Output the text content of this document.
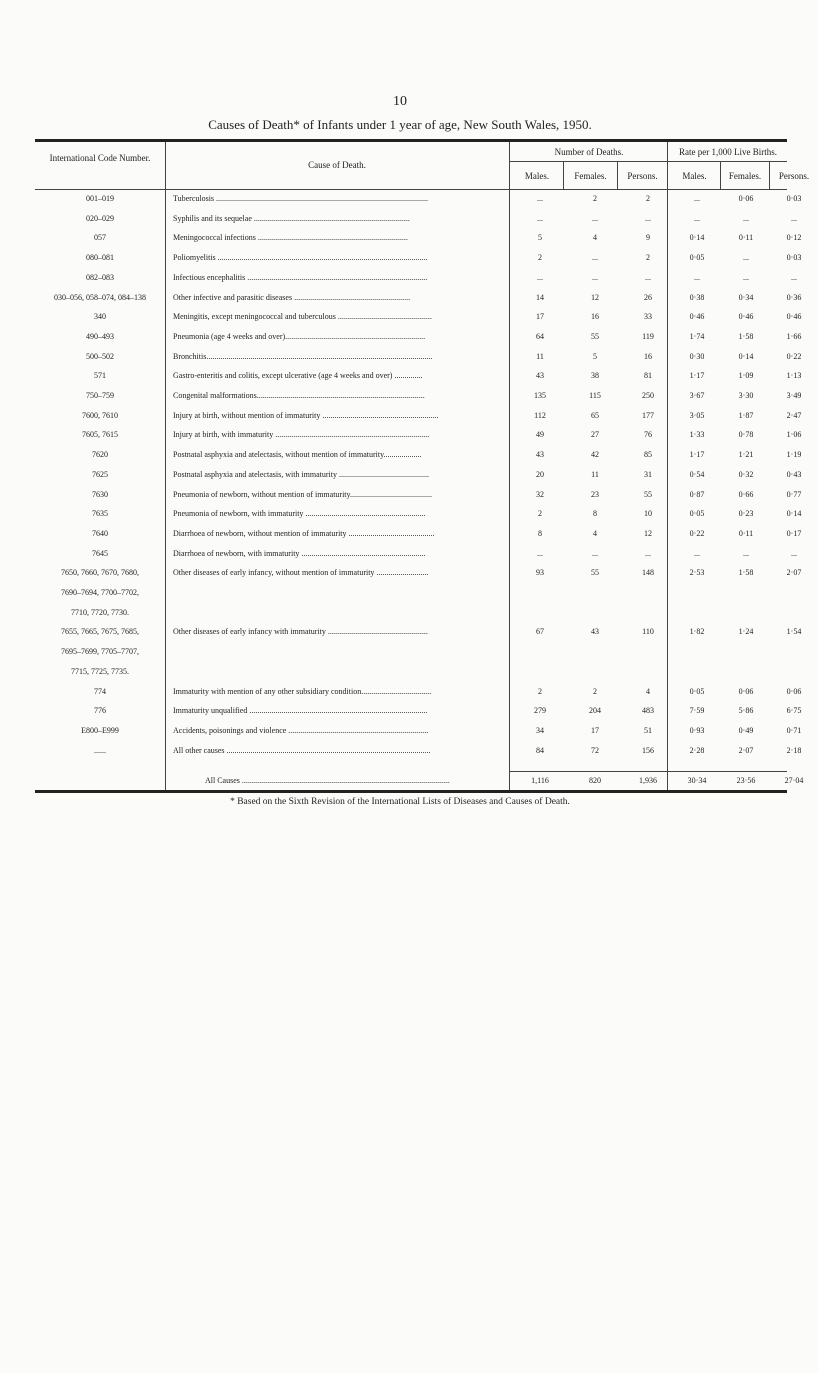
10
Causes of Death* of Infants under 1 year of age, New South Wales, 1950.
International Code Number.
Cause of Death.
Number of Deaths.	Rate per 1,000 Live Births.
Males.	Females.	Persons.	Males.	Females.	Persons.
001–019	Tuberculosis ..........................................................................................................	...	2	2	...	0·06	0·03
020–029	Syphilis and its sequelae ..............................................................................	...	...	...	...	...	...
057	Meningococcal infections ...........................................................................	5	4	9	0·14	0·11	0·12
080–081	Poliomyelitis .........................................................................................................	2	...	2	0·05	...	0·03
082–083	Infectious encephalitis ..........................................................................................	...	...	...	...	...	...
030–056, 058–074, 084–138	Other infective and parasitic diseases ..........................................................	14	12	26	0·38	0·34	0·36
340	Meningitis, except meningococcal and tuberculous ...............................................	17	16	33	0·46	0·46	0·46
490–493	Pneumonia (age 4 weeks and over)......................................................................	64	55	119	1·74	1·58	1·66
500–502	Bronchitis.................................................................................................................	11	5	16	0·30	0·14	0·22
571	Gastro-enteritis and colitis, except ulcerative (age 4 weeks and over) ..............	43	38	81	1·17	1·09	1·13
750–759	Congenital malformations....................................................................................	135	115	250	3·67	3·30	3·49
7600, 7610	Injury at birth, without mention of immaturity ..........................................................	112	65	177	3·05	1·87	2·47
7605, 7615	Injury at birth, with immaturity .............................................................................	49	27	76	1·33	0·78	1·06
7620	Postnatal asphyxia and atelectasis, without mention of immaturity...................	43	42	85	1·17	1·21	1·19
7625	Postnatal asphyxia and atelectasis, with immaturity .............................................	20	11	31	0·54	0·32	0·43
7630	Pneumonia of newborn, without mention of immaturity.........................................	32	23	55	0·87	0·66	0·77
7635	Pneumonia of newborn, with immaturity ............................................................	2	8	10	0·05	0·23	0·14
7640	Diarrhoea of newborn, without mention of immaturity ...........................................	8	4	12	0·22	0·11	0·17
7645	Diarrhoea of newborn, with immaturity ..............................................................	...	...	...	...	...	...
7650, 7660, 7670, 7680,	Other diseases of early infancy, without mention of immaturity ..........................	93	55	148	2·53	1·58	2·07
7690–7694, 7700–7702,
7710, 7720, 7730.
7655, 7665, 7675, 7685,	Other diseases of early infancy with immaturity ..................................................	67	43	110	1·82	1·24	1·54
7695–7699, 7705–7707,
7715, 7725, 7735.
774	Immaturity with mention of any other subsidiary condition...................................	2	2	4	0·05	0·06	0·06
776	Immaturity unqualified .........................................................................................	279	204	483	7·59	5·86	6·75
E800–E999	Accidents, poisonings and violence ......................................................................	34	17	51	0·93	0·49	0·71
......	All other causes ......................................................................................................	84	72	156	2·28	2·07	2·18
All Causes ........................................................................................................	1,116	820	1,936	30·34	23·56	27·04
* Based on the Sixth Revision of the International Lists of Diseases and Causes of Death.
